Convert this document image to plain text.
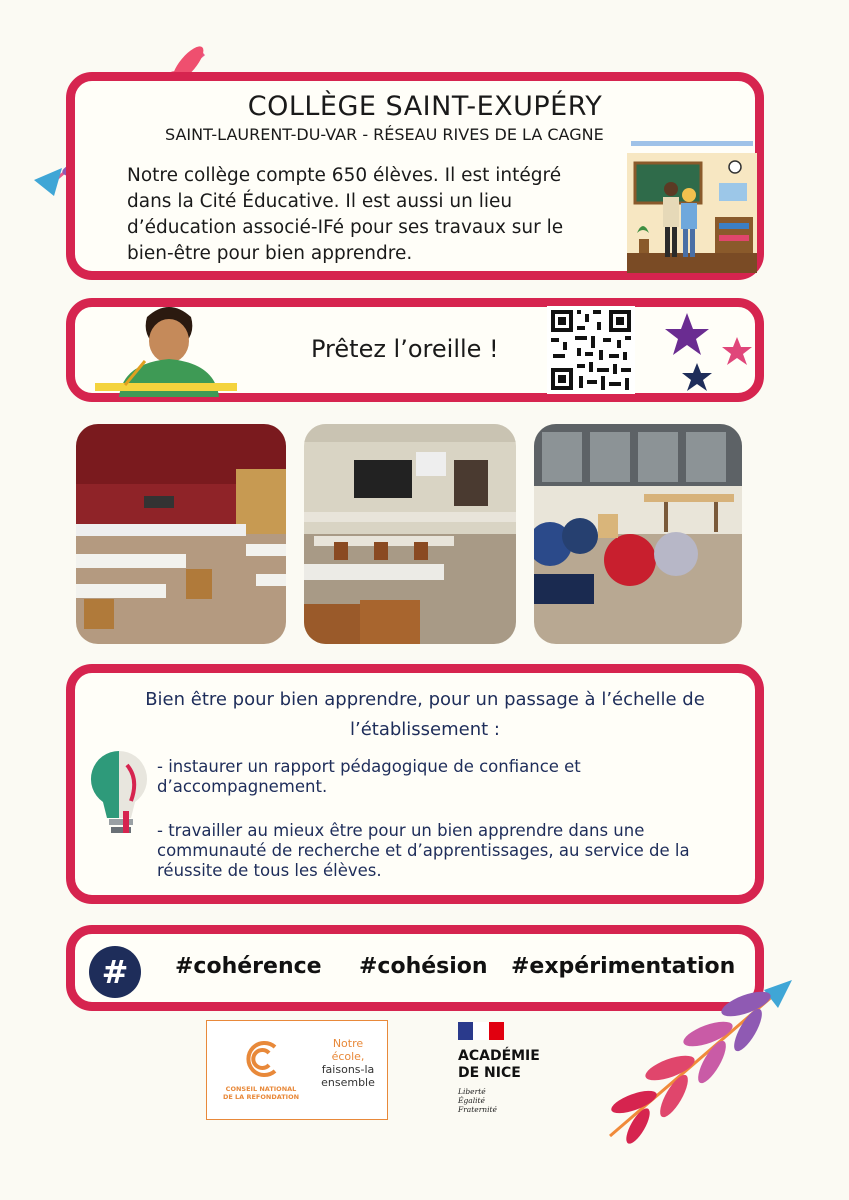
COLLÈGE SAINT-EXUPÉRY
SAINT-LAURENT-DU-VAR - RÉSEAU RIVES DE LA CAGNE
Notre collège compte 650 élèves. Il est intégré dans la Cité Éducative. Il est aussi un lieu d’éducation associé-IFé pour ses travaux sur le bien-être pour bien apprendre.
Prêtez l’oreille !
Bien être pour bien apprendre, pour un passage à l’échelle de
l’établissement :
- instaurer un rapport pédagogique de confiance et d’accompagnement.
- travailler au mieux être pour un bien apprendre dans une communauté de recherche et d’apprentissages, au service de la réussite de tous les élèves.
#	#cohérence #cohésion #expérimentation
CONSEIL NATIONAL
DE LA REFONDATION
Notre
école,
faisons-la
ensemble
ACADÉMIE
DE NICE
Liberté
Égalité
Fraternité
